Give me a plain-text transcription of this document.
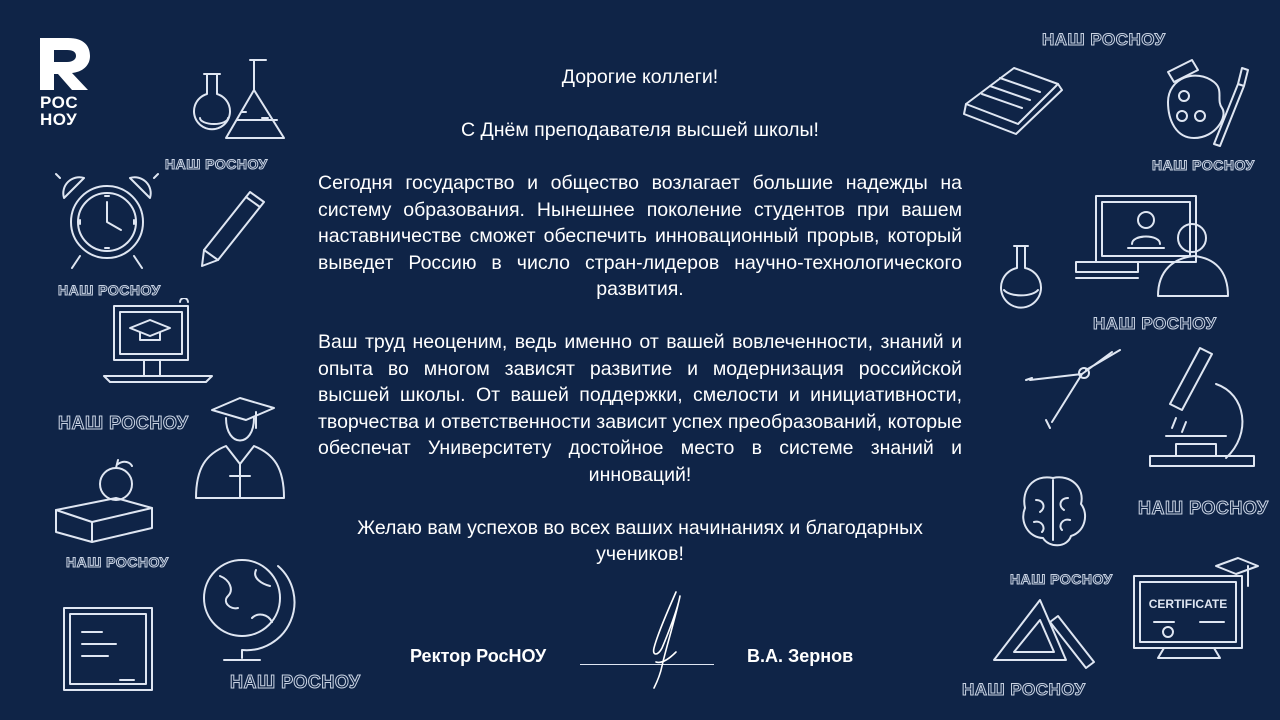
РОС
НОУ
НАШ РОСНОУ
НАШ РОСНОУ
НАШ РОСНОУ
НАШ РОСНОУ
НАШ РОСНОУ
НАШ РОСНОУ
НАШ РОСНОУ
НАШ РОСНОУ
НАШ РОСНОУ
НАШ РОСНОУ
НАШ РОСНОУ
CERTIFICATE

Дорогие коллеги!

С Днём преподавателя высшей школы!

Сегодня государство и общество возлагает большие надежды на систему образования. Нынешнее поколение студентов при вашем наставничестве сможет обеспечить инновационный прорыв, который выведет Россию в число стран-лидеров научно-технологического развития.

Ваш труд неоценим, ведь именно от вашей вовлеченности, знаний и опыта во многом зависят развитие и модернизация российской высшей школы. От вашей поддержки, смелости и инициативности, творчества и ответственности зависит успех преобразований, которые обеспечат Университету достойное место в системе знаний и инноваций!

Желаю вам успехов во всех ваших начинаниях и благодарных учеников!

Ректор РосНОУ	В.А. Зернов
